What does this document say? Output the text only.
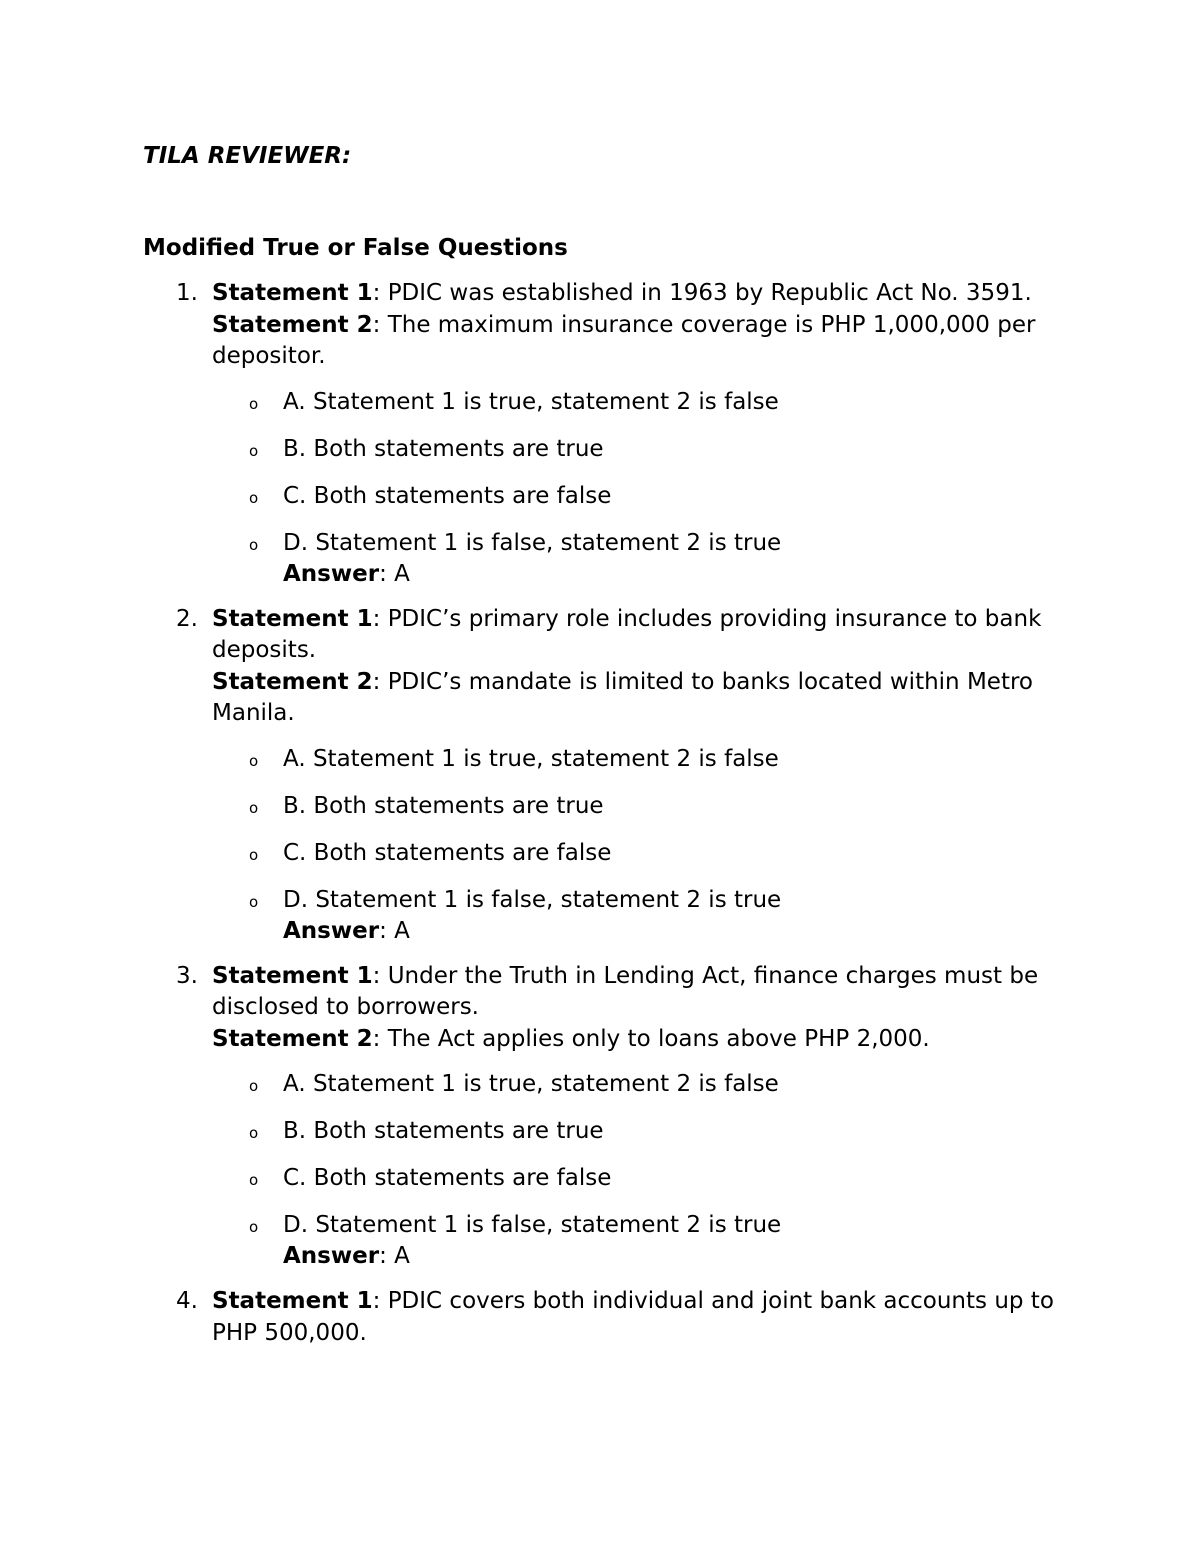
TILA REVIEWER:

Modified True or False Questions

1. Statement 1: PDIC was established in 1963 by Republic Act No. 3591.

Statement 2: The maximum insurance coverage is PHP 1,000,000 per depositor.

o A. Statement 1 is true, statement 2 is false
o B. Both statements are true
o C. Both statements are false
o D. Statement 1 is false, statement 2 is true
Answer: A
2. Statement 1: PDIC’s primary role includes providing insurance to bank deposits.

Statement 2: PDIC’s mandate is limited to banks located within Metro Manila.

o A. Statement 1 is true, statement 2 is false
o B. Both statements are true
o C. Both statements are false
o D. Statement 1 is false, statement 2 is true
Answer: A
3. Statement 1: Under the Truth in Lending Act, finance charges must be disclosed to borrowers.

Statement 2: The Act applies only to loans above PHP 2,000.

o A. Statement 1 is true, statement 2 is false
o B. Both statements are true
o C. Both statements are false
o D. Statement 1 is false, statement 2 is true
Answer: A
4. Statement 1: PDIC covers both individual and joint bank accounts up to PHP 500,000.
